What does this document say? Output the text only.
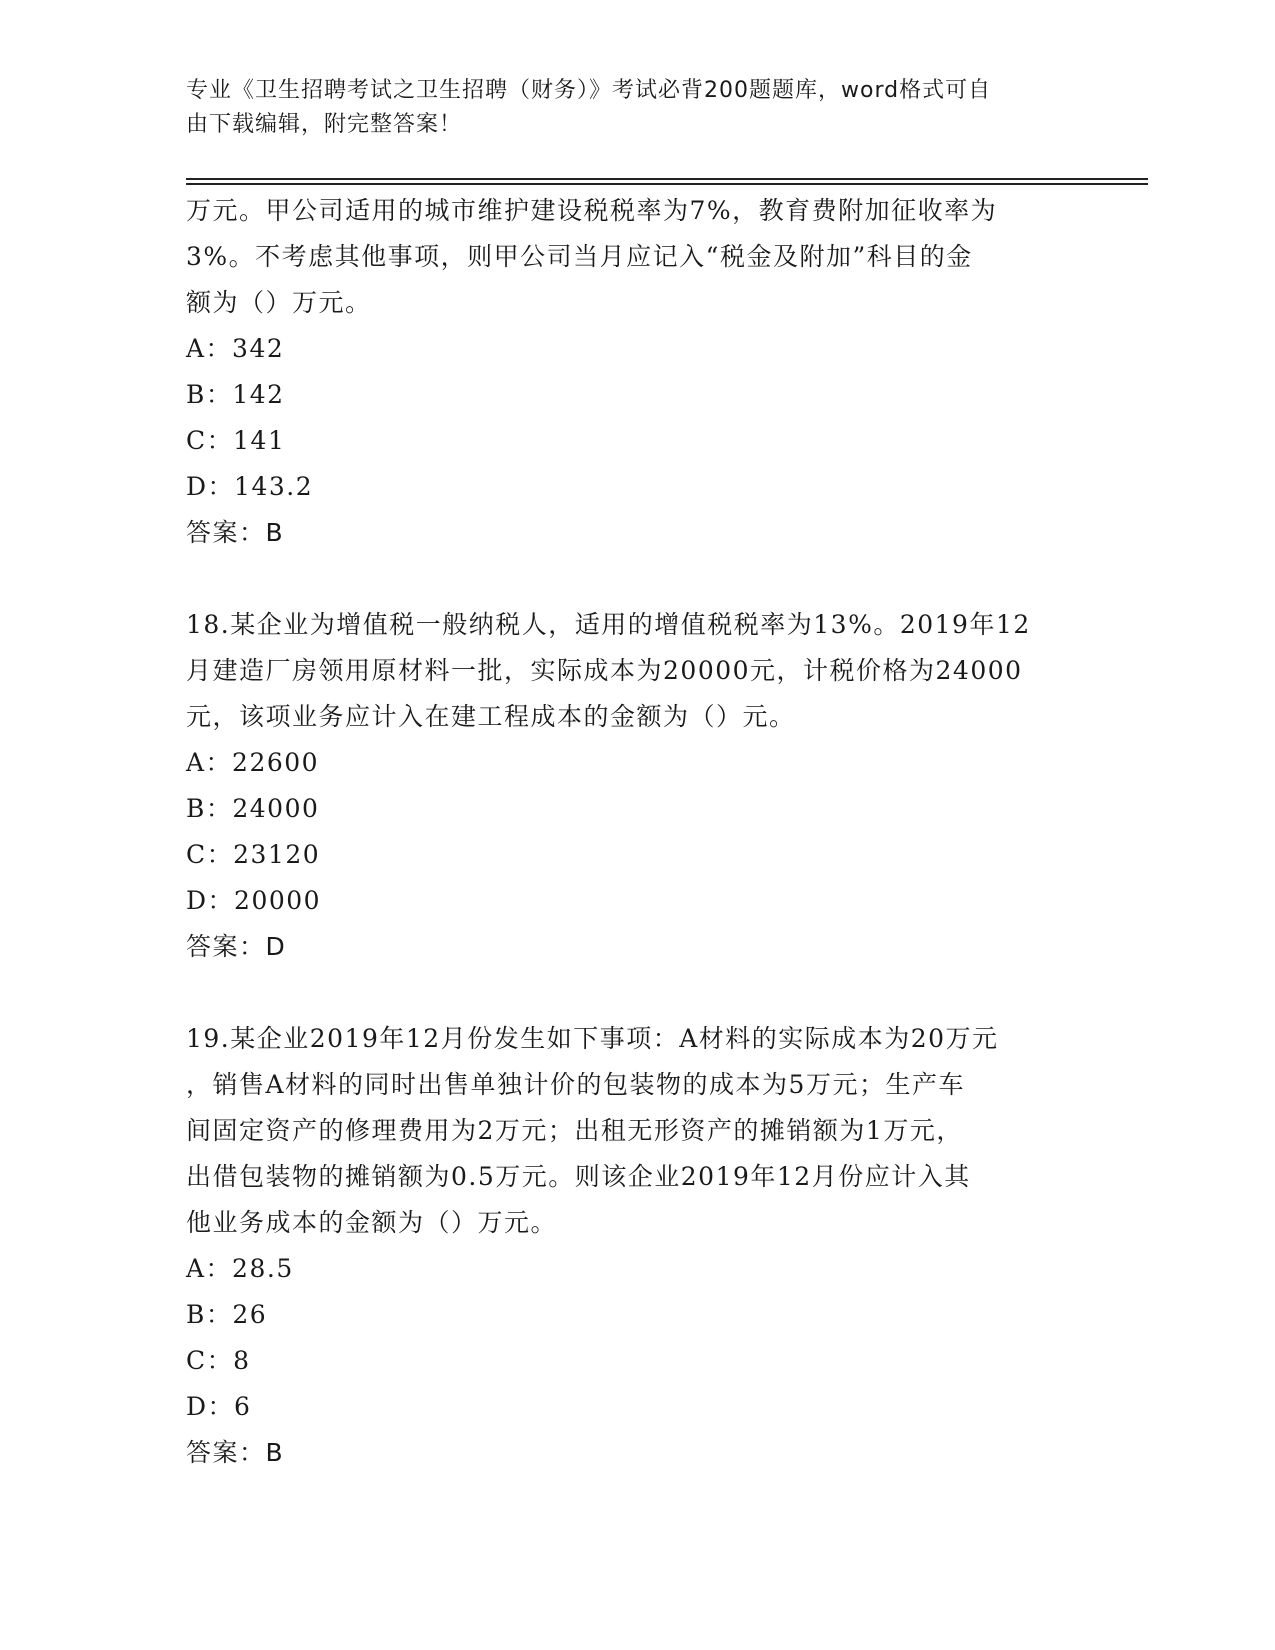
专业《卫生招聘考试之卫生招聘（财务）》考试必背200题题库，word格式可自
由下载编辑，附完整答案！

万元。甲公司适用的城市维护建设税税率为7%，教育费附加征收率为

3%。不考虑其他事项，则甲公司当月应记入“税金及附加”科目的金

额为（）万元。

A：342

B：142

C：141

D：143.2

答案：B

18.某企业为增值税一般纳税人，适用的增值税税率为13%。2019年12

月建造厂房领用原材料一批，实际成本为20000元，计税价格为24000

元，该项业务应计入在建工程成本的金额为（）元。

A：22600

B：24000

C：23120

D：20000

答案：D

19.某企业2019年12月份发生如下事项：A材料的实际成本为20万元

，销售A材料的同时出售单独计价的包装物的成本为5万元；生产车

间固定资产的修理费用为2万元；出租无形资产的摊销额为1万元，

出借包装物的摊销额为0.5万元。则该企业2019年12月份应计入其

他业务成本的金额为（）万元。

A：28.5

B：26

C：8

D：6

答案：B
